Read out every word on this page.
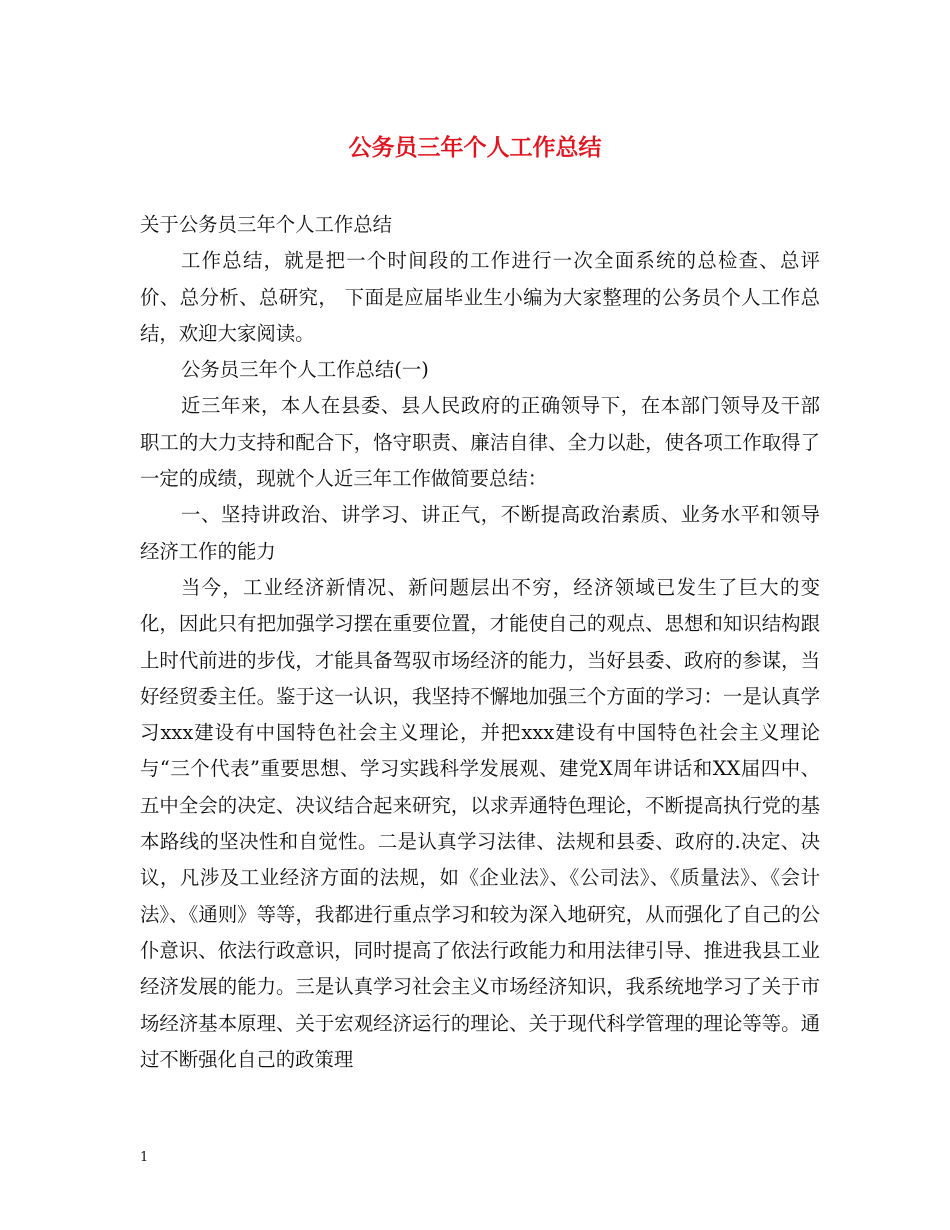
公务员三年个人工作总结

关于公务员三年个人工作总结

工作总结，就是把一个时间段的工作进行一次全面系统的总检查、总评价、总分析、总研究， 下面是应届毕业生小编为大家整理的公务员个人工作总结，欢迎大家阅读。

公务员三年个人工作总结(一)

近三年来，本人在县委、县人民政府的正确领导下，在本部门领导及干部职工的大力支持和配合下，恪守职责、廉洁自律、全力以赴，使各项工作取得了一定的成绩，现就个人近三年工作做简要总结：

一、坚持讲政治、讲学习、讲正气，不断提高政治素质、业务水平和领导经济工作的能力

当今，工业经济新情况、新问题层出不穷，经济领域已发生了巨大的变化，因此只有把加强学习摆在重要位置，才能使自己的观点、思想和知识结构跟上时代前进的步伐，才能具备驾驭市场经济的能力，当好县委、政府的参谋，当好经贸委主任。鉴于这一认识，我坚持不懈地加强三个方面的学习：一是认真学习xxx建设有中国特色社会主义理论，并把xxx建设有中国特色社会主义理论与“三个代表”重要思想、学习实践科学发展观、建党X周年讲话和XX届四中、五中全会的决定、决议结合起来研究，以求弄通特色理论，不断提高执行党的基本路线的坚决性和自觉性。二是认真学习法律、法规和县委、政府的.决定、决议，凡涉及工业经济方面的法规，如《企业法》、《公司法》、《质量法》、《会计法》、《通则》等等，我都进行重点学习和较为深入地研究，从而强化了自己的公仆意识、依法行政意识，同时提高了依法行政能力和用法律引导、推进我县工业经济发展的能力。三是认真学习社会主义市场经济知识，我系统地学习了关于市场经济基本原理、关于宏观经济运行的理论、关于现代科学管理的理论等等。通过不断强化自己的政策理

1
